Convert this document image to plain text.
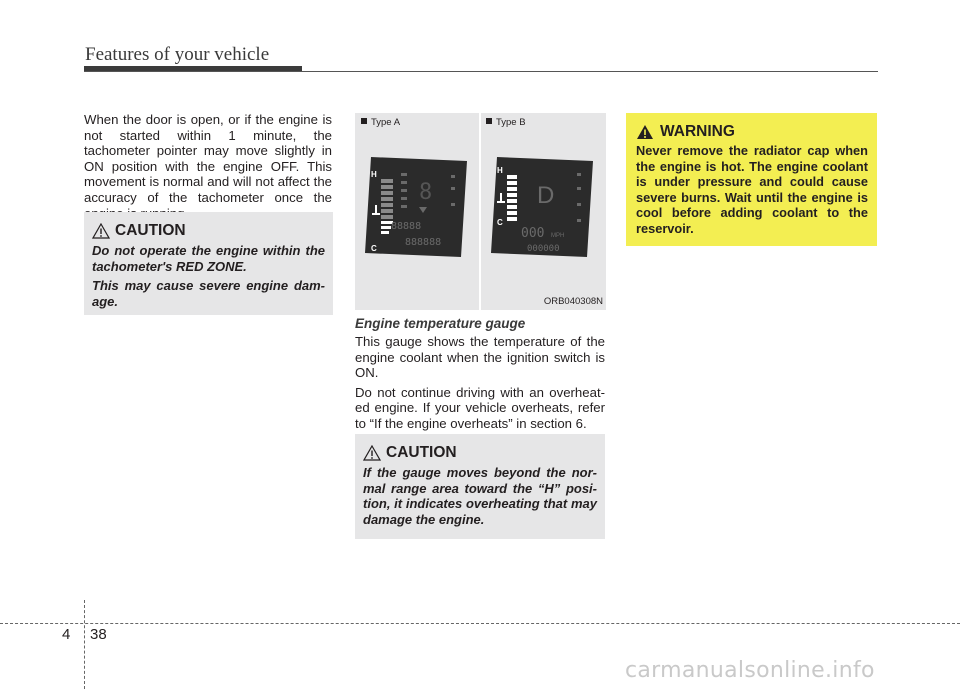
Features of your vehicle

When the door is open, or if the engine is not started within 1 minute, the tachometer pointer may move slightly in ON position with the engine OFF. This movement is normal and will not affect the accuracy of the tachometer once the

CAUTION

Do not operate the engine within the tachometer's RED ZONE.

This may cause severe engine dam-age.

Type A	Type B
H
C
8
88888
888888
H
C
D
000 MPH
000000
ORB040308N
Engine temperature gauge

This gauge shows the temperature of the engine coolant when the ignition switch is ON.

Do not continue driving with an overheat-ed engine. If your vehicle overheats, refer to “If the engine overheats” in section 6.

CAUTION

If the gauge moves beyond the nor-mal range area toward the “H” posi-tion, it indicates overheating that may damage the engine.

WARNING

Never remove the radiator cap when the engine is hot. The engine coolant is under pressure and could cause severe burns. Wait until the engine is cool before adding coolant to the reservoir.

4 38
carmanualsonline.info
